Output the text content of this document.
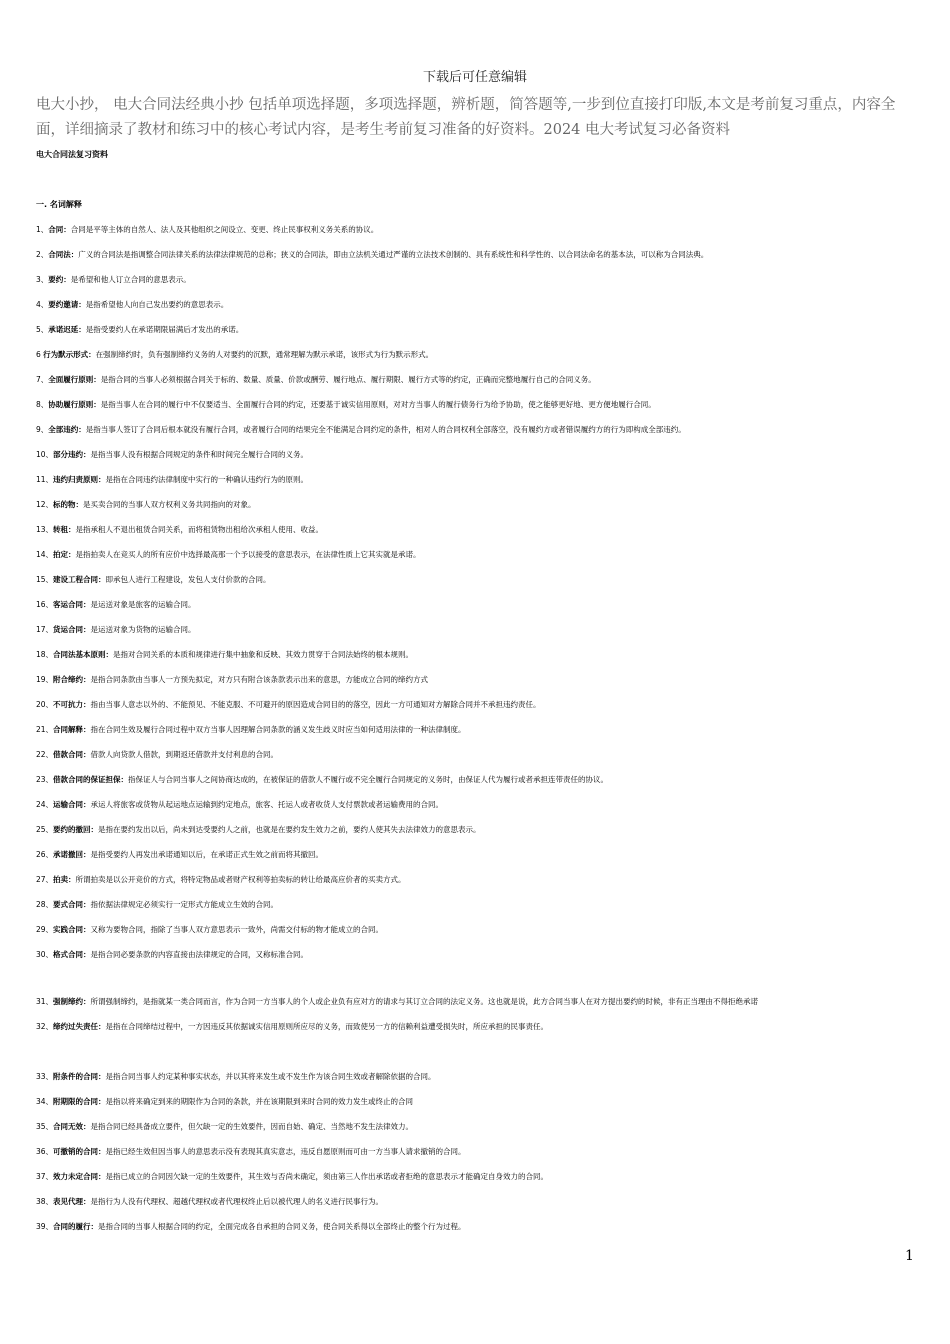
下载后可任意编辑
电大小抄， 电大合同法经典小抄 包括单项选择题，多项选择题，辨析题，简答题等,一步到位直接打印版,本文是考前复习重点，内容全面，详细摘录了教材和练习中的核心考试内容，是考生考前复习准备的好资料。2024 电大考试复习必备资料
电大合同法复习资料
一. 名词解释
1、合同：合同是平等主体的自然人、法人及其他组织之间设立、变更、终止民事权利义务关系的协议。
2、合同法：广义的合同法是指调整合同法律关系的法律法律规范的总称；狭义的合同法，即由立法机关通过严谨的立法技术创制的、具有系统性和科学性的、以合同法命名的基本法，可以称为合同法典。
3、要约：是希望和他人订立合同的意思表示。
4、要约邀请：是指希望他人向自己发出要约的意思表示。
5、承诺迟延：是指受要约人在承诺期限届满后才发出的承诺。
6 行为默示形式：在强制缔约时，负有强制缔约义务的人对要约的沉默，通常理解为默示承诺，该形式为行为默示形式。
7、全面履行原则：是指合同的当事人必须根据合同关于标的、数量、质量、价款或酬劳、履行地点、履行期限、履行方式等的约定，正确而完整地履行自己的合同义务。
8、协助履行原则：是指当事人在合同的履行中不仅要适当、全面履行合同的约定，还要基于诚实信用原则，对对方当事人的履行债务行为给予协助，使之能够更好地、更方便地履行合同。
9、全部违约：是指当事人签订了合同后根本就没有履行合同，或者履行合同的结果完全不能满足合同约定的条件，相对人的合同权利全部落空，没有履约方或者错误履约方的行为即构成全部违约。
10、部分违约：是指当事人没有根据合同规定的条件和时间完全履行合同的义务。
11、违约归责原则：是指在合同违约法律制度中实行的一种确认违约行为的原则。
12、标的物：是买卖合同的当事人双方权利义务共同指向的对象。
13、转租：是指承租人不退出租赁合同关系，而将租赁物出租给次承租人使用、收益。
14、拍定：是指拍卖人在竞买人的所有应价中选择最高那一个予以接受的意思表示，在法律性质上它其实就是承诺。
15、建设工程合同：即承包人进行工程建设，发包人支付价款的合同。
16、客运合同：是运送对象是旅客的运输合同。
17、货运合同：是运送对象为货物的运输合同。
18、合同法基本原则：是指对合同关系的本质和规律进行集中抽象和反映、其效力贯穿于合同法始终的根本规则。
19、附合缔约：是指合同条款由当事人一方预先拟定，对方只有附合该条款表示出来的意思，方能成立合同的缔约方式
20、不可抗力：指由当事人意志以外的、不能预见、不能克服、不可避开的原因造成合同目的的落空，因此一方可通知对方解除合同并不承担违约责任。
21、合同解释：指在合同生效及履行合同过程中双方当事人因理解合同条款的涵义发生歧义时应当如何适用法律的一种法律制度。
22、借款合同：借款人向贷款人借款，到期返还借款并支付利息的合同。
23、借款合同的保证担保：指保证人与合同当事人之间协商达成的，在被保证的借款人不履行或不完全履行合同规定的义务时，由保证人代为履行或者承担连带责任的协议。
24、运输合同：承运人将旅客或货物从起运地点运输到约定地点，旅客、托运人或者收货人支付票款或者运输费用的合同。
25、要约的撤回：是指在要约发出以后，尚未到达受要约人之前，也就是在要约发生效力之前，要约人使其失去法律效力的意思表示。
26、承诺撤回：是指受要约人再发出承诺通知以后，在承诺正式生效之前而将其撤回。
27、拍卖：所谓拍卖是以公开竞价的方式，将特定物品或者财产权利等拍卖标的转让给最高应价者的买卖方式。
28、要式合同：指依据法律规定必须实行一定形式方能成立生效的合同。
29、实践合同：又称为要物合同，指除了当事人双方意思表示一致外，尚需交付标的物才能成立的合同。
30、格式合同：是指合同必要条款的内容直接由法律规定的合同，又称标准合同。
31、强制缔约：所谓强制缔约，是指就某一类合同而言，作为合同一方当事人的个人或企业负有应对方的请求与其订立合同的法定义务。这也就是说，此方合同当事人在对方提出要约的时候，非有正当理由不得拒绝承诺
32、缔约过失责任：是指在合同缔结过程中，一方因违反其依据诚实信用原则所应尽的义务，而致使另一方的信赖利益遭受损失时，所应承担的民事责任。
33、附条件的合同：是指合同当事人约定某种事实状态，并以其将来发生或不发生作为该合同生效或者解除依据的合同。
34、附期限的合同：是指以将来确定到来的期限作为合同的条款，并在该期限到来时合同的效力发生或终止的合同
35、合同无效：是指合同已经具备成立要件，但欠缺一定的生效要件，因而自始、确定、当然地不发生法律效力。
36、可撤销的合同：是指已经生效但因当事人的意思表示没有表现其真实意志，违反自愿原则而可由一方当事人请求撤销的合同。
37、效力未定合同：是指已成立的合同因欠缺一定的生效要件，其生效与否尚未确定，须由第三人作出承诺或者拒绝的意思表示才能确定自身效力的合同。
38、表见代理：是指行为人没有代理权、超越代理权或者代理权终止后以被代理人的名义进行民事行为。
39、合同的履行：是指合同的当事人根据合同的约定，全面完成各自承担的合同义务，使合同关系得以全部终止的整个行为过程。
1
